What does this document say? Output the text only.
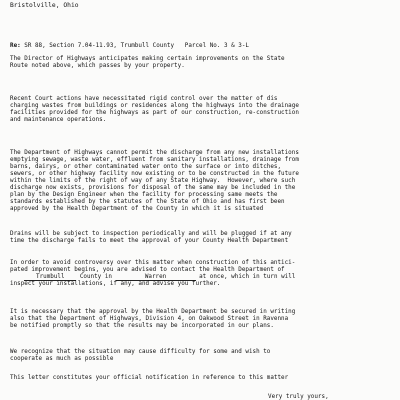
Bristolville, Ohio
Re: SR 88, Section 7.04-11.93, Trumbull County   Parcel No. 3 & 3-L
The Director of Highways anticipates making certain improvements on the State
Route noted above, which passes by your property.
Recent Court actions have necessitated rigid control over the matter of dis
charging wastes from buildings or residences along the highways into the drainage
facilities provided for the highways as part of our construction, re-construction
and maintenance operations.
The Department of Highways cannot permit the discharge from any new installations
emptying sewage, waste water, effluent from sanitary installations, drainage from
barns, dairys, or other contaminated water onto the surface or into ditches,
sewers, or other highway facility now existing or to be constructed in the future
within the limits of the right of way of any State Highway.  However, where such
discharge now exists, provisions for disposal of the same may be included in the
plan by the Design Engineer when the facility for processing same meets the
standards established by the statutes of the State of Ohio and has first been
approved by the Health Department of the County in which it is situated
Drains will be subject to inspection periodically and will be plugged if at any
time the discharge fails to meet the approval of your County Health Department
In order to avoid controversy over this matter when construction of this antici-
pated improvement begins, you are advised to contact the Health Department of
Trumbull County in	Warren	at once, which in turn will
inspect your installations, if any, and advise you further.
It is necessary that the approval by the Health Department be secured in writing
also that the Department of Highways, Division 4, on Oakwood Street in Ravenna
be notified promptly so that the results may be incorporated in our plans.
We recognize that the situation may cause difficulty for some and wish to
cooperate as much as possible
This letter constitutes your official notification in reference to this matter
Very truly yours,
